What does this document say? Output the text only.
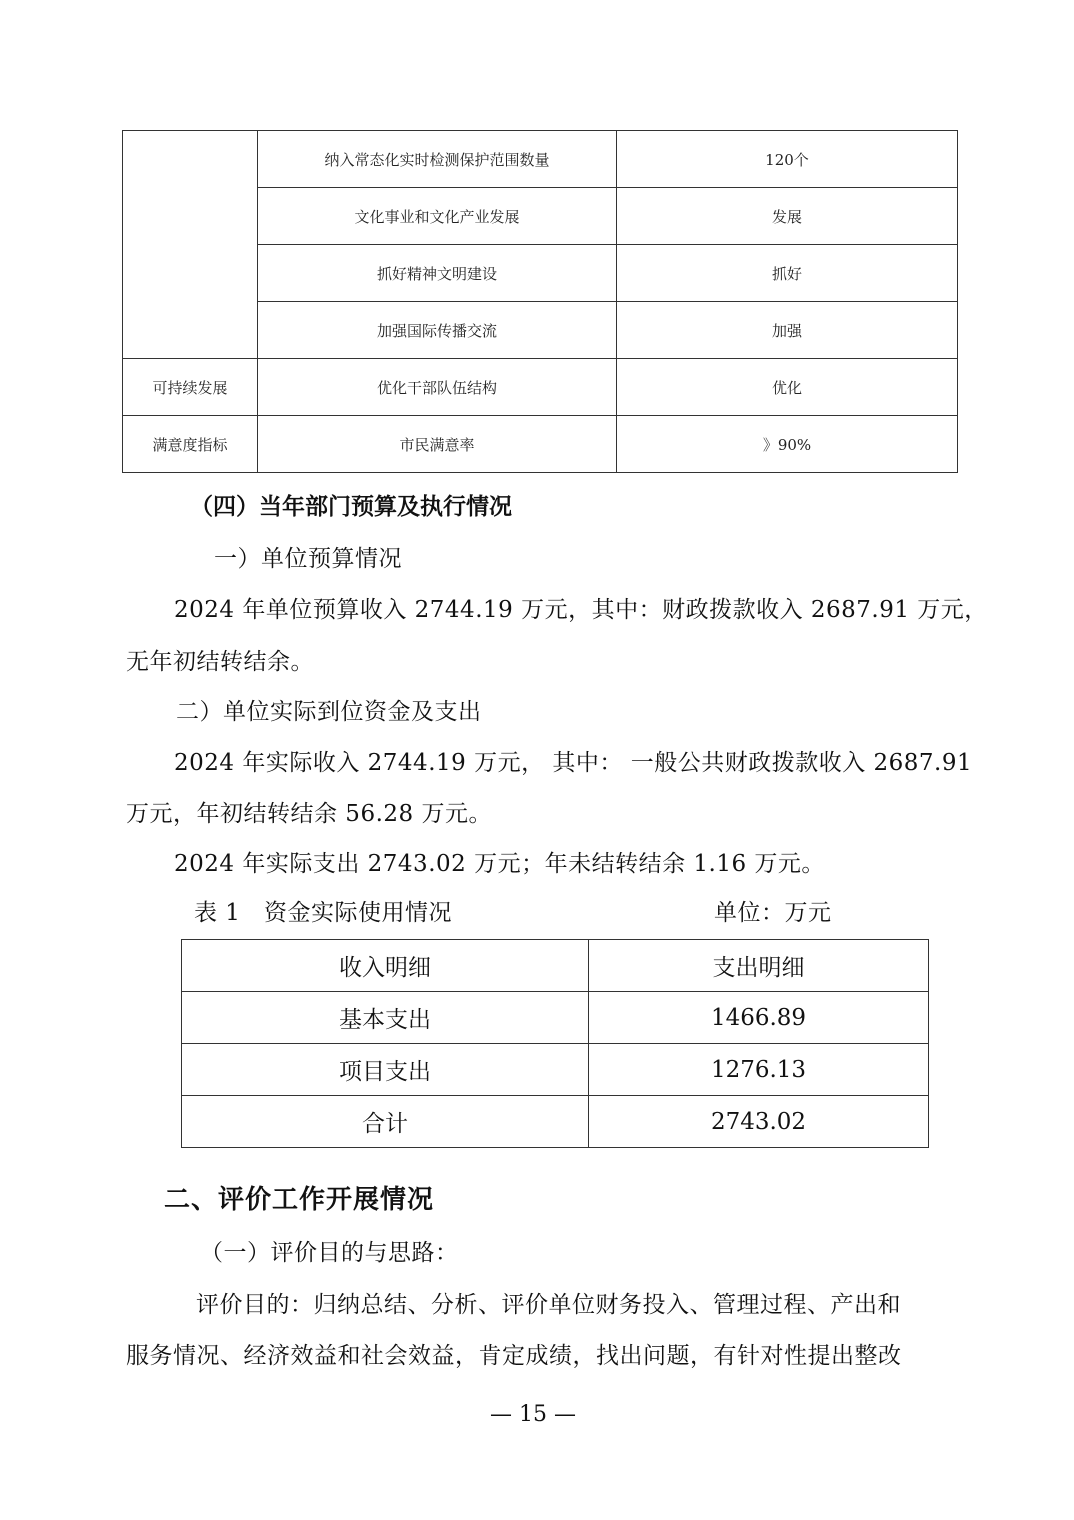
	纳入常态化实时检测保护范围数量	120个
	文化事业和文化产业发展	发展
	抓好精神文明建设	抓好
	加强国际传播交流	加强
可持续发展	优化干部队伍结构	优化
满意度指标	市民满意率	》90%
（四）当年部门预算及执行情况
一）单位预算情况
2024 年单位预算收入 2744.19 万元，其中：财政拨款收入 2687.91 万元，
无年初结转结余。
二）单位实际到位资金及支出
2024 年实际收入 2744.19 万元， 其中： 一般公共财政拨款收入 2687.91
万元，年初结转结余 56.28 万元。
2024 年实际支出 2743.02 万元；年未结转结余 1.16 万元。
表 1　资金实际使用情况	单位：万元
收入明细	支出明细
基本支出	1466.89
项目支出	1276.13
合计	2743.02
二、评价工作开展情况
（一）评价目的与思路：
评价目的：归纳总结、分析、评价单位财务投入、管理过程、产出和
服务情况、经济效益和社会效益，肯定成绩，找出问题，有针对性提出整改
— 15 —
